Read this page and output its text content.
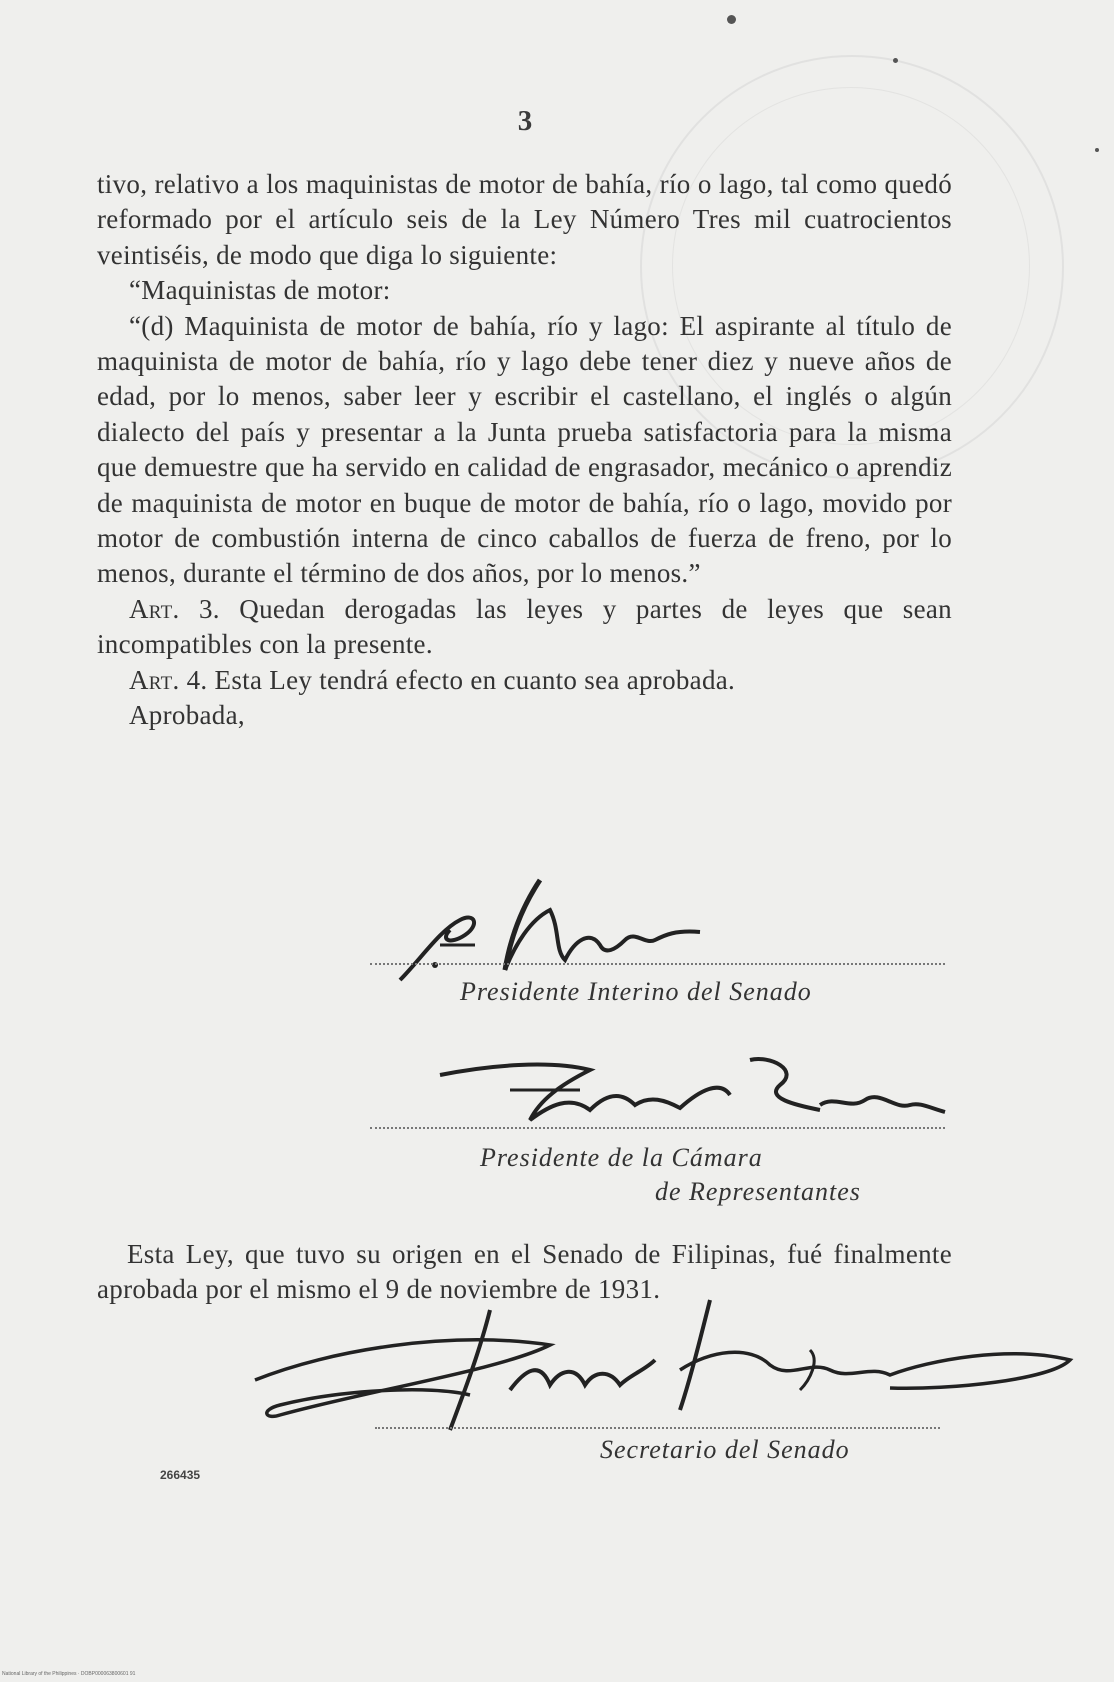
3

tivo, relativo a los maquinistas de motor de bahía, río o lago, tal como quedó reformado por el artículo seis de la Ley Número Tres mil cuatrocientos veintiséis, de modo que diga lo siguiente:

“Maquinistas de motor:

“(d) Maquinista de motor de bahía, río y lago: El aspirante al título de maquinista de motor de bahía, río y lago debe tener diez y nueve años de edad, por lo menos, saber leer y escribir el castellano, el inglés o algún dialecto del país y presentar a la Junta prueba satisfactoria para la misma que demuestre que ha servido en calidad de engrasador, mecánico o aprendiz de maquinista de motor en buque de motor de bahía, río o lago, movido por motor de combustión interna de cinco caballos de fuerza de freno, por lo menos, durante el término de dos años, por lo menos.”

Art. 3. Quedan derogadas las leyes y partes de leyes que sean incompatibles con la presente.

Art. 4. Esta Ley tendrá efecto en cuanto sea aprobada.

Aprobada,

Presidente Interino del Senado
Presidente de la Cámara
de Representantes
Esta Ley, que tuvo su origen en el Senado de Filipinas, fué finalmente aprobada por el mismo el 9 de noviembre de 1931.
Secretario del Senado
266435
National Library of the Philippines · DOBP000063800601 91
